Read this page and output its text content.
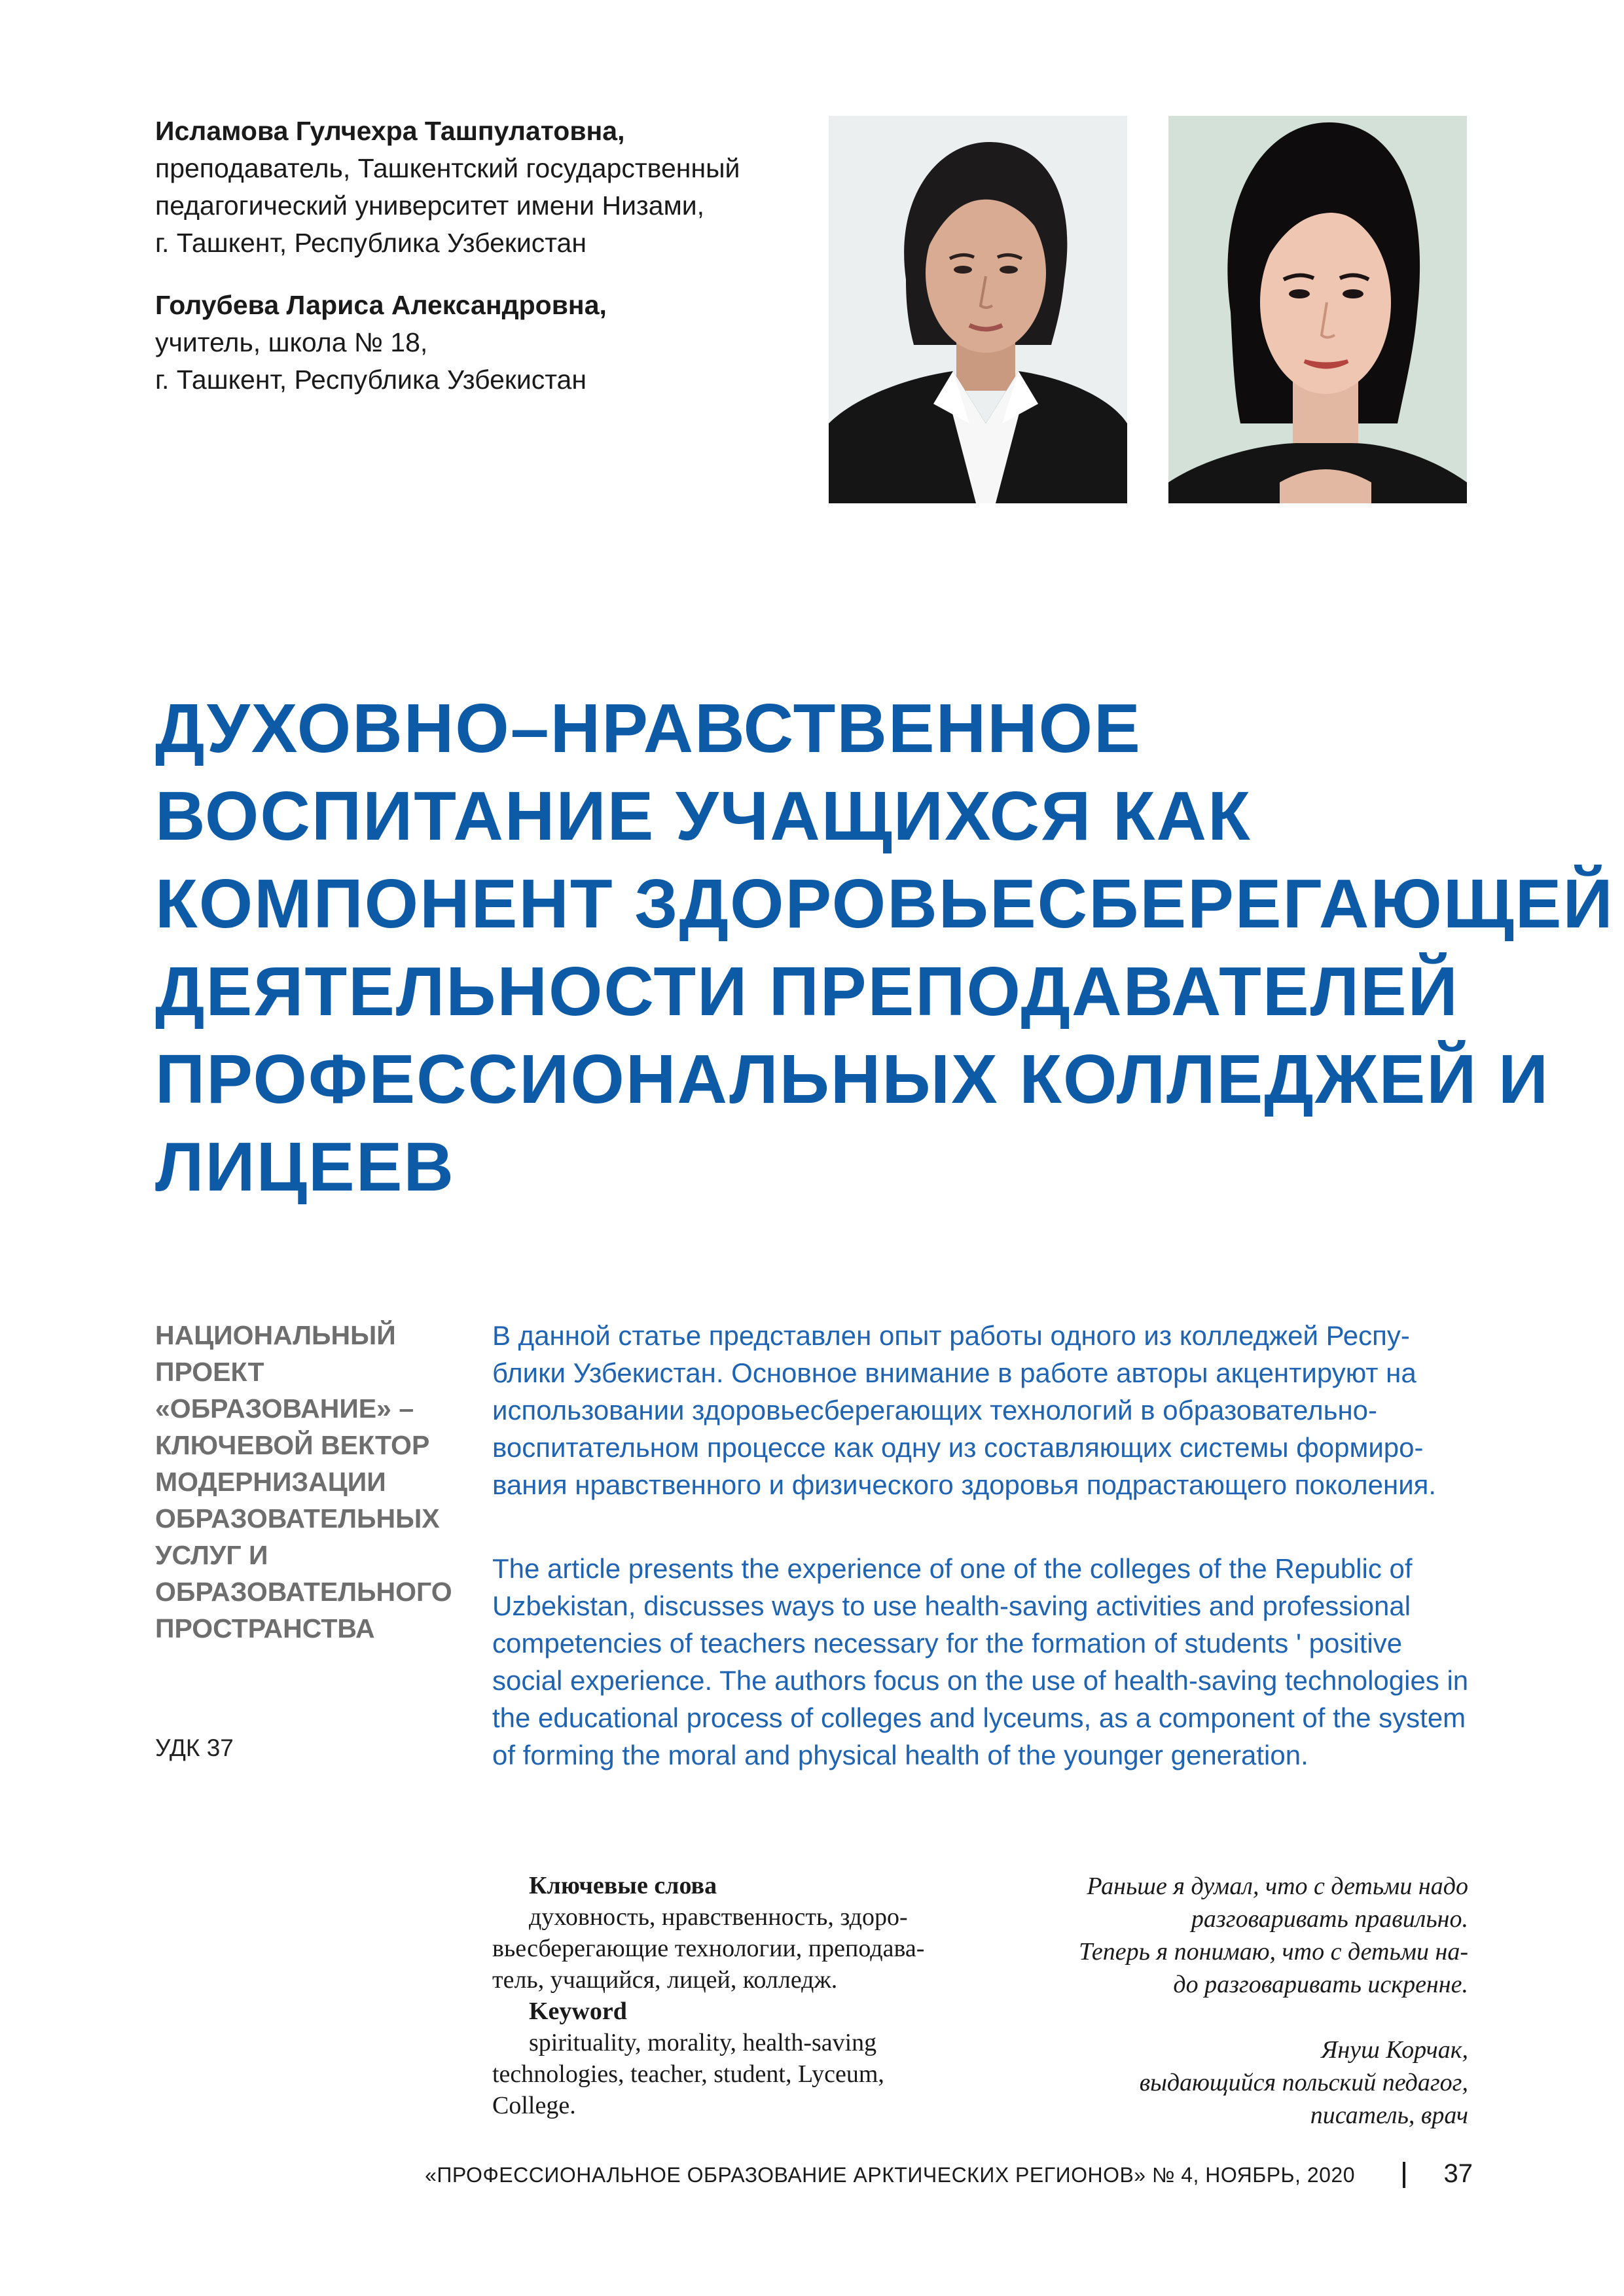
Исламова Гулчехра Ташпулатовна,
преподаватель, Ташкентский государственный
педагогический университет имени Низами,
г. Ташкент, Республика Узбекистан
Голубева Лариса Александровна,
учитель, школа № 18,
г. Ташкент, Республика Узбекистан
ДУХОВНО–НРАВСТВЕННОЕ
ВОСПИТАНИЕ УЧАЩИХСЯ КАК
КОМПОНЕНТ ЗДОРОВЬЕСБЕРЕГАЮЩЕЙ
ДЕЯТЕЛЬНОСТИ ПРЕПОДАВАТЕЛЕЙ
ПРОФЕССИОНАЛЬНЫХ КОЛЛЕДЖЕЙ И
ЛИЦЕЕВ
НАЦИОНАЛЬНЫЙ
ПРОЕКТ
«ОБРАЗОВАНИЕ» –
КЛЮЧЕВОЙ ВЕКТОР
МОДЕРНИЗАЦИИ
ОБРАЗОВАТЕЛЬНЫХ
УСЛУГ И
ОБРАЗОВАТЕЛЬНОГО
ПРОСТРАНСТВА
УДК 37
В данной статье представлен опыт работы одного из колледжей Респу-
блики Узбекистан. Основное внимание в работе авторы акцентируют на
использовании здоровьесберегающих технологий в образовательно-
воспитательном процессе как одну из составляющих системы формиро-
вания нравственного и физического здоровья подрастающего поколения.
The article presents the experience of one of the colleges of the Republic of
Uzbekistan, discusses ways to use health-saving activities and professional
competencies of teachers necessary for the formation of students ' positive
social experience. The authors focus on the use of health-saving technologies in
the educational process of colleges and lyceums, as a component of the system
of forming the moral and physical health of the younger generation.
Ключевые слова
духовность, нравственность, здоро-
вьесберегающие технологии, преподава-
тель, учащийся, лицей, колледж.
Keyword
spirituality, morality, health-saving
technologies, teacher, student, Lyceum,
College.
Раньше я думал, что с детьми надо
разговаривать правильно.
Теперь я понимаю, что с детьми на-
до разговаривать искренне.
Януш Корчак,
выдающийся польский педагог,
писатель, врач
«ПРОФЕССИОНАЛЬНОЕ ОБРАЗОВАНИЕ АРКТИЧЕСКИХ РЕГИОНОВ» № 4, НОЯБРЬ, 2020	37
